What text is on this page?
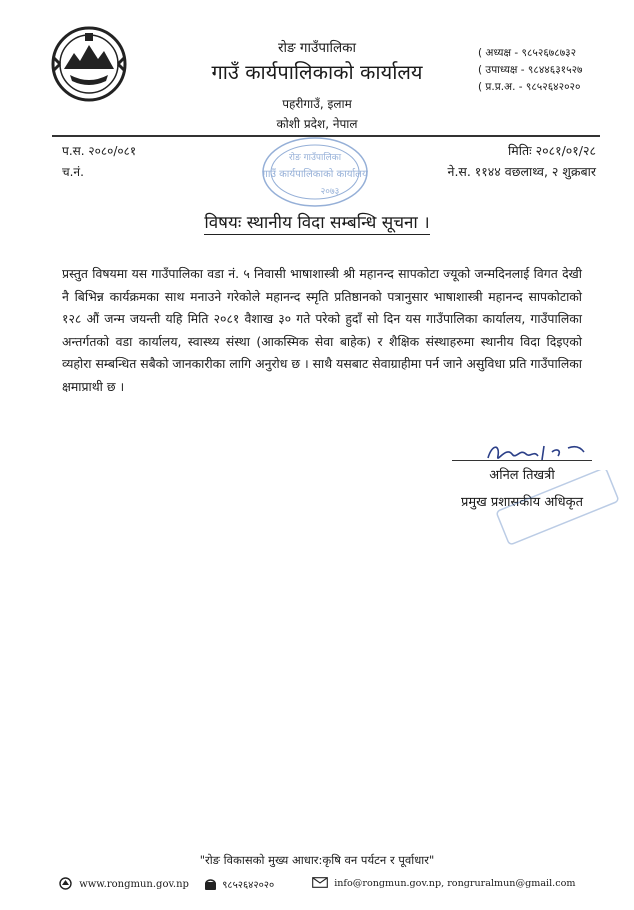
रोङ गाउँपालिका
गाउँ कार्यपालिकाको कार्यालय
पहरीगाउँ, इलाम
कोशी प्रदेश, नेपाल
( अध्यक्ष - ९८५२६७८७३२
( उपाध्यक्ष - ९८४४६३१५२७
( प्र.प्र.अ. - ९८५२६४२०२०
रोङ गाउँपालिका
गाउँ कार्यपालिकाको कार्यालय
२०७३
प.स. २०८०/०८१
च.नं.
मितिः २०८१/०१/२८
ने.स. ११४४ वछलाथ्व, २ शुक्रबार
विषयः स्थानीय विदा सम्बन्धि सूचना ।
प्रस्तुत विषयमा यस गाउँपालिका वडा नं. ५ निवासी भाषाशास्त्री श्री महानन्द सापकोटा ज्यूको जन्मदिनलाई विगत देखी नै बिभिन्न कार्यक्रमका साथ मनाउने गरेकोले महानन्द स्मृति प्रतिष्ठानको पत्रानुसार भाषाशास्त्री महानन्द सापकोटाको १२८ औं जन्म जयन्ती यहि मिति २०८१ वैशाख ३० गते परेको हुदाँ सो दिन यस गाउँपालिका कार्यालय, गाउँपालिका अन्तर्गतको वडा कार्यालय, स्वास्थ्य संस्था (आकस्मिक सेवा बाहेक) र शैक्षिक संस्थाहरुमा स्थानीय विदा दिइएको व्यहोरा सम्बन्धित सबैको जानकारीका लागि अनुरोध छ । साथै यसबाट सेवाग्राहीमा पर्न जाने असुविधा प्रति गाउँपालिका क्षमाप्राथी छ ।
अनिल तिखत्री
प्रमुख प्रशासकीय अधिकृत
"रोङ विकासको मुख्य आधार:कृषि वन पर्यटन र पूर्वाधार"
www.rongmun.gov.np	९८५२६४२०२०	info@rongmun.gov.np, rongruralmun@gmail.com
